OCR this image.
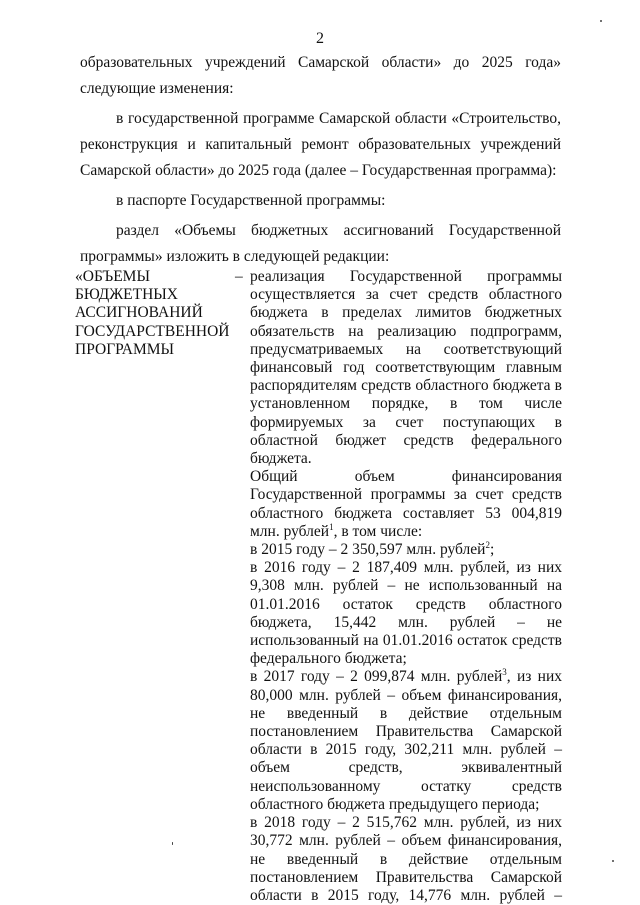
2

образовательных учреждений Самарской области» до 2025 года» следующие изменения:

в государственной программе Самарской области «Строительство, реконструкция и капитальный ремонт образовательных учреждений Самарской области» до 2025 года (далее – Государственная программа):

в паспорте Государственной программы:

раздел «Объемы бюджетных ассигнований Государственной программы» изложить в следующей редакции:

«ОБЪЕМЫ БЮДЖЕТНЫХ АССИГНОВАНИЙ ГОСУДАРСТВЕННОЙ ПРОГРАММЫ
– реализация Государственной программы осуществляется за счет средств областного бюджета в пределах лимитов бюджетных обязательств на реализацию подпрограмм, предусматриваемых на соответствующий финансовый год соответствующим главным распорядителям средств областного бюджета в установленном порядке, в том числе формируемых за счет поступающих в областной бюджет средств федерального бюджета.

Общий объем финансирования Государственной программы за счет средств областного бюджета составляет 53 004,819 млн. рублей$^1$, в том числе:

в 2015 году – 2 350,597 млн. рублей$^2$;

в 2016 году – 2 187,409 млн. рублей, из них 9,308 млн. рублей – не использованный на 01.01.2016 остаток средств областного бюджета, 15,442 млн. рублей – не использованный на 01.01.2016 остаток средств федерального бюджета;

в 2017 году – 2 099,874 млн. рублей$^3$, из них 80,000 млн. рублей – объем финансирования, не введенный в действие отдельным постановлением Правительства Самарской области в 2015 году, 302,211 млн. рублей – объем средств, эквивалентный неиспользованному остатку средств областного бюджета предыдущего периода;

в 2018 году – 2 515,762 млн. рублей, из них 30,772 млн. рублей – объем финансирования, не введенный в действие отдельным постановлением Правительства Самарской области в 2015 году, 14,776 млн. рублей –
